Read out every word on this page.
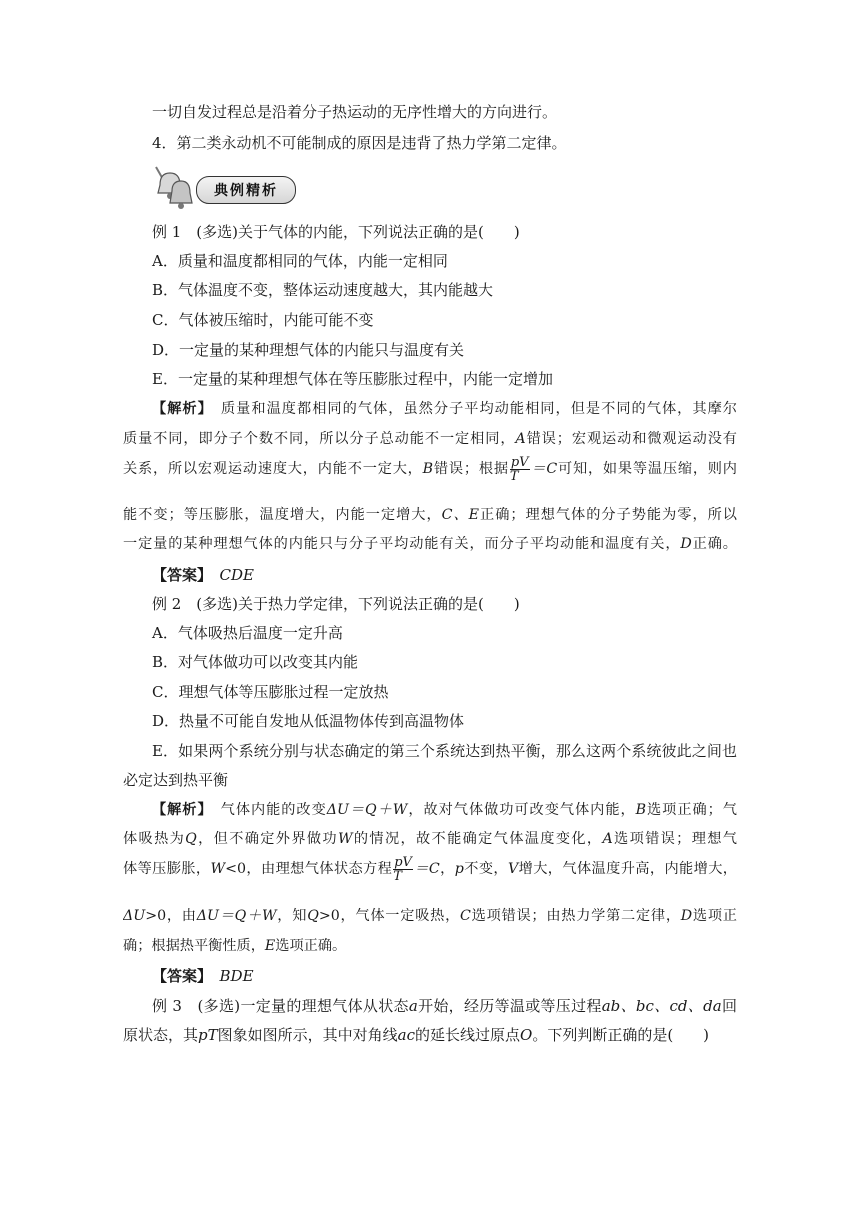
一切自发过程总是沿着分子热运动的无序性增大的方向进行。
4．第二类永动机不可能制成的原因是违背了热力学第二定律。
典例精析
例 1　(多选)关于气体的内能，下列说法正确的是(　　)
A．质量和温度都相同的气体，内能一定相同
B．气体温度不变，整体运动速度越大，其内能越大
C．气体被压缩时，内能可能不变
D．一定量的某种理想气体的内能只与温度有关
E．一定量的某种理想气体在等压膨胀过程中，内能一定增加
【解析】　 质量和温度都相同的气体，虽然分子平均动能相同，但是不同的气体，其摩尔
质量不同，即分子个数不同，所以分子总动能不一定相同，A错误；宏观运动和微观运动没有
关系，所以宏观运动速度大，内能不一定大，B错误；根据 $\frac{pV}{T} =C$可知，如果等温压缩，则内
能不变；等压膨胀，温度增大，内能一定增大，C、E正确；理想气体的分子势能为零，所以
一定量的某种理想气体的内能只与分子平均动能有关，而分子平均动能和温度有关，D正确。
【答案】　 CDE
例 2　(多选)关于热力学定律，下列说法正确的是(　　)
A．气体吸热后温度一定升高
B．对气体做功可以改变其内能
C．理想气体等压膨胀过程一定放热
D．热量不可能自发地从低温物体传到高温物体
E．如果两个系统分别与状态确定的第三个系统达到热平衡，那么这两个系统彼此之间也
必定达到热平衡
【解析】　 气体内能的改变ΔU＝Q＋W，故对气体做功可改变气体内能，B选项正确；气
体吸热为Q，但不确定外界做功W的情况，故不能确定气体温度变化，A选项错误；理想气
体等压膨胀，W<0，由理想气体状态方程 $\frac{pV}{T} =C$，p不变，V增大，气体温度升高，内能增大，
ΔU>0，由ΔU＝Q＋W，知Q>0，气体一定吸热，C选项错误；由热力学第二定律，D选项正
确；根据热平衡性质，E选项正确。
【答案】　 BDE
例 3　(多选)一定量的理想气体从状态a开始，经历等温或等压过程ab、bc、cd、da回
原状态，其pT图象如图所示，其中对角线ac的延长线过原点O。下列判断正确的是(　　)
